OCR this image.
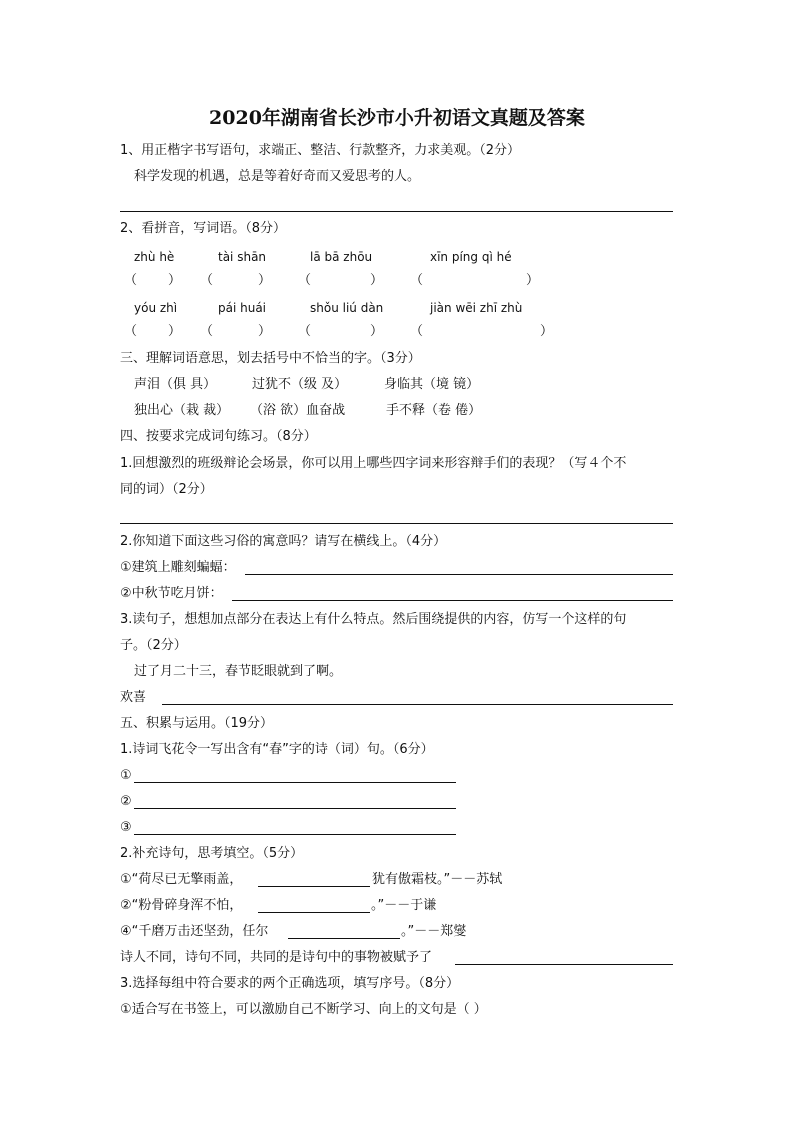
2020年湖南省长沙市小升初语文真题及答案
1、用正楷字书写语句，求端正、整洁、行款整齐，力求美观。（2分）
科学发现的机遇，总是等着好奇而又爱思考的人。
2、看拼音，写词语。（8分）
zhù hè	tài shān	lā bā zhōu	xīn píng qì hé
（ ） （	） （	） （	）
yóu zhì	pái huái	shǒu liú dàn	jiàn wēi zhī zhù
（ ） （	） （	） （	）
三、理解词语意思，划去括号中不恰当的字。（3分）
声泪（俱 具）	过犹不（级 及）	身临其（境 镜）
独出心（栽 裁） （浴 欲）血奋战	手不释（卷 倦）
四、按要求完成词句练习。（8分）
1.回想激烈的班级辩论会场景，你可以用上哪些四字词来形容辩手们的表现？（写４个不
同的词）（2分）
2.你知道下面这些习俗的寓意吗？请写在横线上。（4分）
①建筑上雕刻蝙蝠：
②中秋节吃月饼：
3.读句子，想想加点部分在表达上有什么特点。然后围绕提供的内容，仿写一个这样的句
子。（2分）
过了月二十三，春节眨眼就到了啊。
欢喜
五、积累与运用。（19分）
1.诗词飞花令一写出含有“春”字的诗（词）句。（6分）
①
②
③
2.补充诗句，思考填空。（5分）
①“荷尽已无擎雨盖，	犹有傲霜枝。”－－苏轼
②“粉骨碎身浑不怕，	。”－－于谦
④“千磨万击还坚劲，任尔	。”－－郑燮
诗人不同，诗句不同，共同的是诗句中的事物被赋予了
3.选择每组中符合要求的两个正确选项，填写序号。（8分）
①适合写在书签上，可以激励自己不断学习、向上的文句是（ ）
